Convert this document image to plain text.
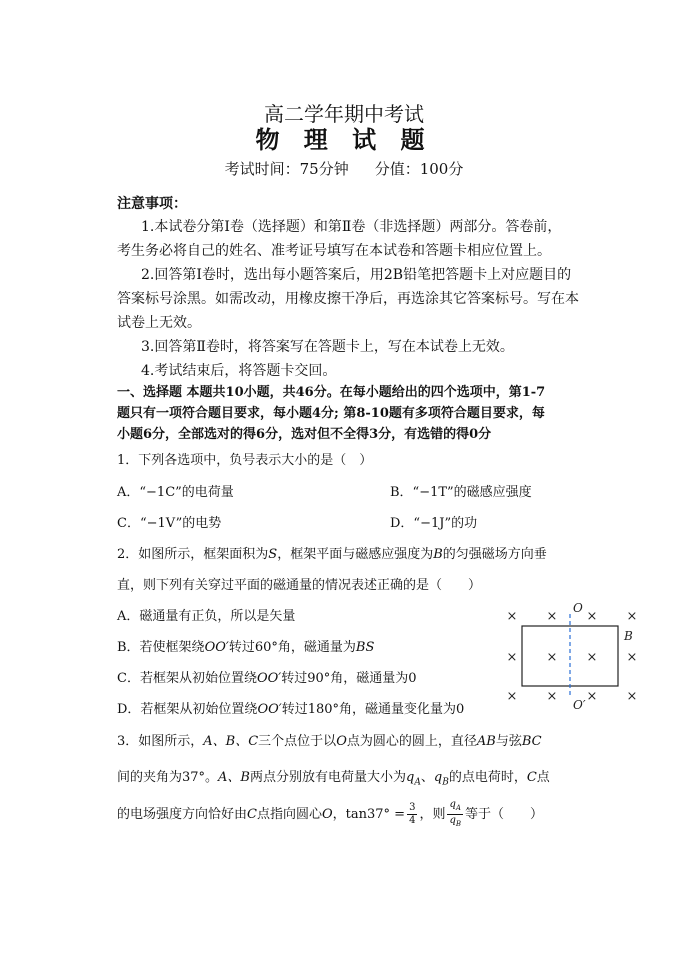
高二学年期中考试
物 理 试 题
考试时间：75分钟 分值：100分
注意事项：
1.本试卷分第Ⅰ卷（选择题）和第Ⅱ卷（非选择题）两部分。答卷前，
考生务必将自己的姓名、准考证号填写在本试卷和答题卡相应位置上。
2.回答第Ⅰ卷时，选出每小题答案后，用2B铅笔把答题卡上对应题目的
答案标号涂黑。如需改动，用橡皮擦干净后，再选涂其它答案标号。写在本
试卷上无效。
3.回答第Ⅱ卷时，将答案写在答题卡上，写在本试卷上无效。
4.考试结束后，将答题卡交回。
一、选择题 本题共10小题，共46分。在每小题给出的四个选项中，第1-7
题只有一项符合题目要求，每小题4分; 第8-10题有多项符合题目要求，每
小题6分，全部选对的得6分，选对但不全得3分，有选错的得0分
1．下列各选项中，负号表示大小的是（　）
A．“−1C”的电荷量	B．“−1T”的磁感应强度
C．“−1V”的电势	D．“−1J”的功
2．如图所示，框架面积为S，框架平面与磁感应强度为B的匀强磁场方向垂
直，则下列有关穿过平面的磁通量的情况表述正确的是（　　）
A．磁通量有正负，所以是矢量
B．若使框架绕OO′转过60°角，磁通量为BS
C．若框架从初始位置绕OO′转过90°角，磁通量为0
D．若框架从初始位置绕OO′转过180°角，磁通量变化量为0
× × × ×
× × × ×
× × × ×
O
O′
B
3．如图所示，A、B、C三个点位于以O点为圆心的圆上，直径AB与弦BC
间的夹角为37°。A、B两点分别放有电荷量大小为$q_A$、$q_B$的点电荷时，C点
的电场强度方向恰好由C点指向圆心O，$\tan 37^\circ = \frac{3}{4}$ ，则 $\frac{q_A}{q_B}$ 等于（　　）
